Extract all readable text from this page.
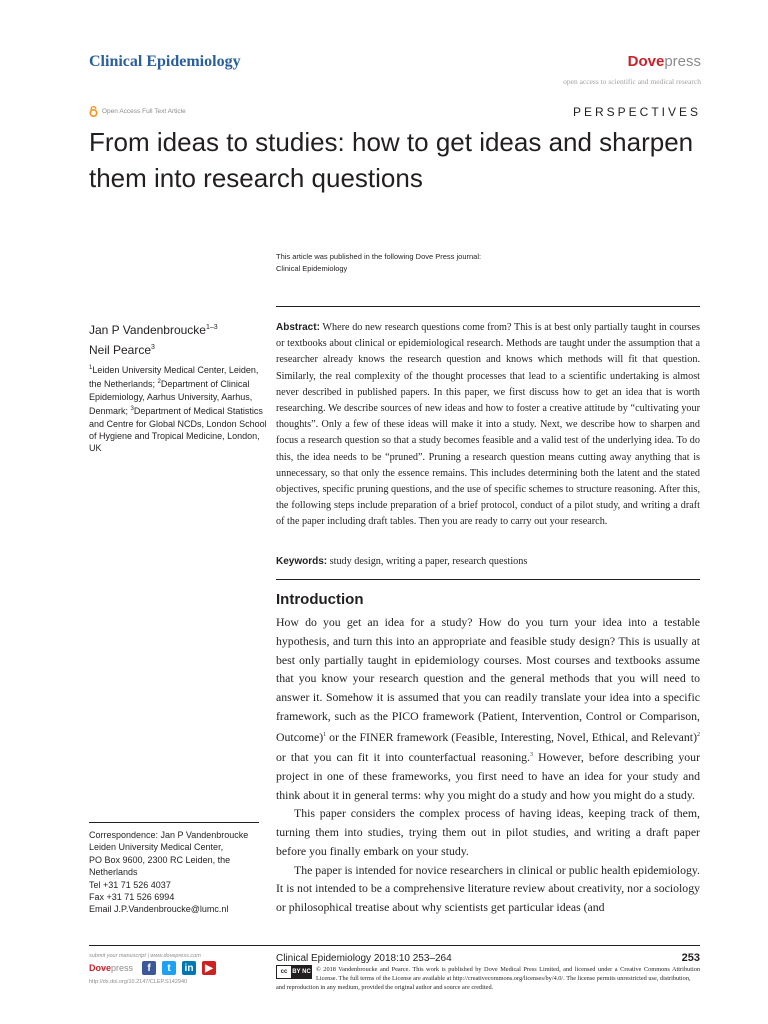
Clinical Epidemiology	Dovepress
open access to scientific and medical research
Open Access Full Text Article	PERSPECTIVES
From ideas to studies: how to get ideas and sharpen them into research questions
This article was published in the following Dove Press journal:
Clinical Epidemiology
Jan P Vandenbroucke$^{1-3}$
Neil Pearce$^3$
$^1$Leiden University Medical Center, Leiden, the Netherlands; $^2$Department of Clinical Epidemiology, Aarhus University, Aarhus, Denmark; $^3$Department of Medical Statistics and Centre for Global NCDs, London School of Hygiene and Tropical Medicine, London, UK
Abstract: Where do new research questions come from? This is at best only partially taught in courses or textbooks about clinical or epidemiological research. Methods are taught under the assumption that a researcher already knows the research question and knows which methods will fit that question. Similarly, the real complexity of the thought processes that lead to a scientific undertaking is almost never described in published papers. In this paper, we first discuss how to get an idea that is worth researching. We describe sources of new ideas and how to foster a creative attitude by “cultivating your thoughts”. Only a few of these ideas will make it into a study. Next, we describe how to sharpen and focus a research question so that a study becomes feasible and a valid test of the underlying idea. To do this, the idea needs to be “pruned”. Pruning a research question means cutting away anything that is unnecessary, so that only the essence remains. This includes determining both the latent and the stated objectives, specific pruning questions, and the use of specific schemes to structure reasoning. After this, the following steps include preparation of a brief protocol, conduct of a pilot study, and writing a draft of the paper including draft tables. Then you are ready to carry out your research.
Keywords: study design, writing a paper, research questions
Introduction

How do you get an idea for a study? How do you turn your idea into a testable hypothesis, and turn this into an appropriate and feasible study design? This is usually at best only partially taught in epidemiology courses. Most courses and textbooks assume that you know your research question and the general methods that you will need to answer it. Somehow it is assumed that you can readily translate your idea into a specific framework, such as the PICO framework (Patient, Intervention, Control or Comparison, Outcome)$^1$ or the FINER framework (Feasible, Interesting, Novel, Ethical, and Relevant)$^2$ or that you can fit it into counterfactual reasoning.$^3$ However, before describing your project in one of these frameworks, you first need to have an idea for your study and think about it in general terms: why you might do a study and how you might do a study.

This paper considers the complex process of having ideas, keeping track of them, turning them into studies, trying them out in pilot studies, and writing a draft paper before you finally embark on your study.

The paper is intended for novice researchers in clinical or public health epidemiology. It is not intended to be a comprehensive literature review about creativity, nor a sociology or philosophical treatise about why scientists get particular ideas (and

Correspondence: Jan P Vandenbroucke
Leiden University Medical Center,
PO Box 9600, 2300 RC Leiden, the
Netherlands
Tel +31 71 526 4037
Fax +31 71 526 6994
Email J.P.Vandenbroucke@lumc.nl
submit your manuscript | www.dovepress.com
Dovepress	f	t	in	▶
http://dx.doi.org/10.2147/CLEP.S142940
Clinical Epidemiology 2018:10 253–264	253
cc BY NC © 2018 Vandenbroucke and Pearce. This work is published by Dove Medical Press Limited, and licensed under a Creative Commons Attribution License. The full terms of the License are available at http://creativecommons.org/licenses/by/4.0/. The license permits unrestricted use, distribution,
and reproduction in any medium, provided the original author and source are credited.
